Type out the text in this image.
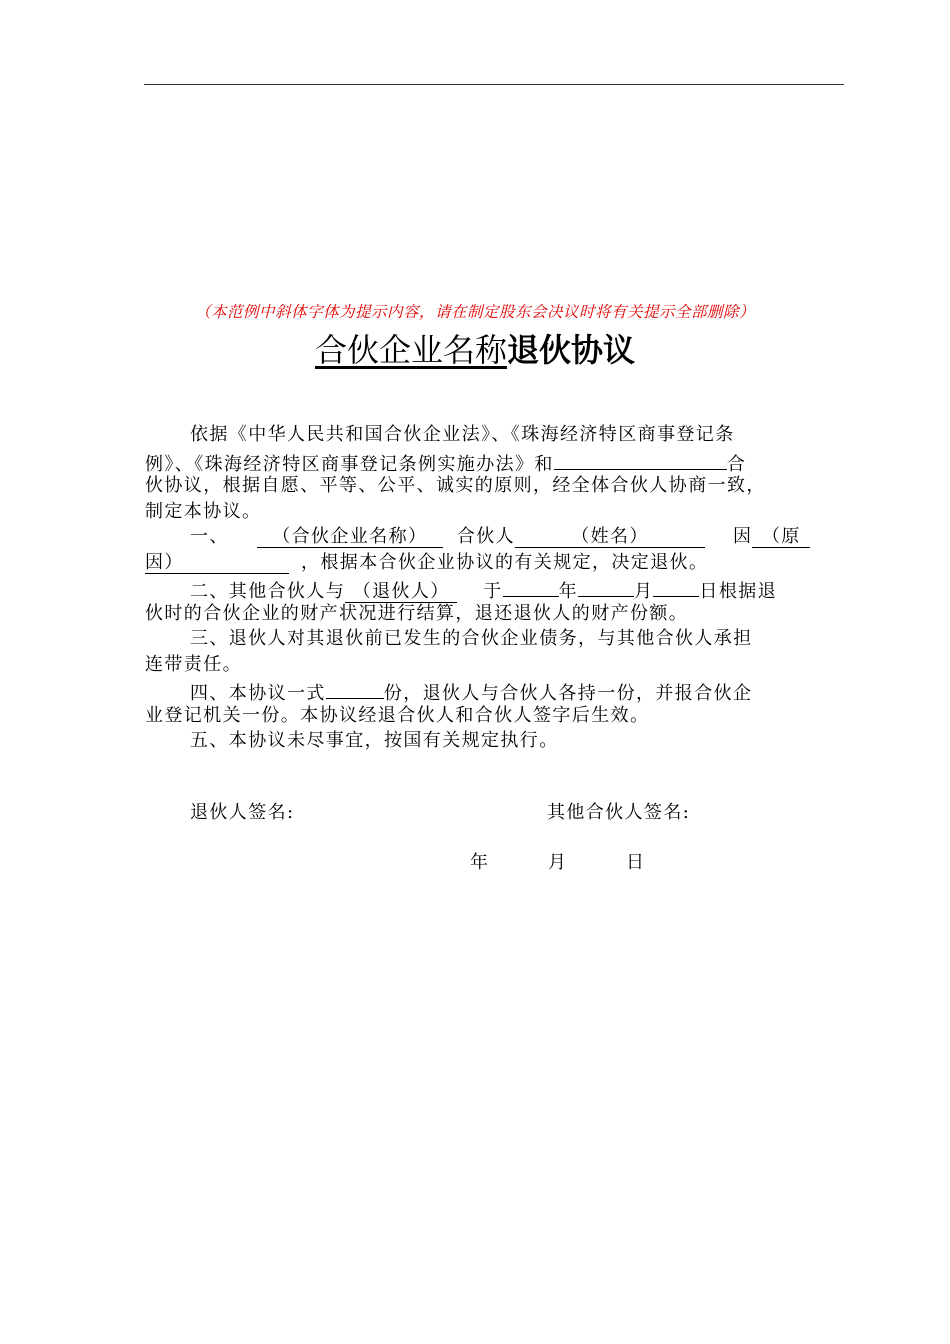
（本范例中斜体字体为提示内容，请在制定股东会决议时将有关提示全部删除）
合伙企业名称退伙协议
依据《中华人民共和国合伙企业法》、《珠海经济特区商事登记条
例》、《珠海经济特区商事登记条例实施办法》和	合
伙协议，根据自愿、平等、公平、诚实的原则，经全体合伙人协商一致，
制定本协议。
一、 （合伙企业名称） 合伙人	（姓名）	因 （原
因）	，根据本合伙企业协议的有关规定，决定退伙。
二、其他合伙人与 （退伙人） 于	年	月	日根据退
伙时的合伙企业的财产状况进行结算，退还退伙人的财产份额。
三、退伙人对其退伙前已发生的合伙企业债务，与其他合伙人承担
连带责任。
四、本协议一式	份，退伙人与合伙人各持一份，并报合伙企
业登记机关一份。本协议经退合伙人和合伙人签字后生效。
五、本协议未尽事宜，按国有关规定执行。
退伙人签名:	其他合伙人签名:
年	月	日
